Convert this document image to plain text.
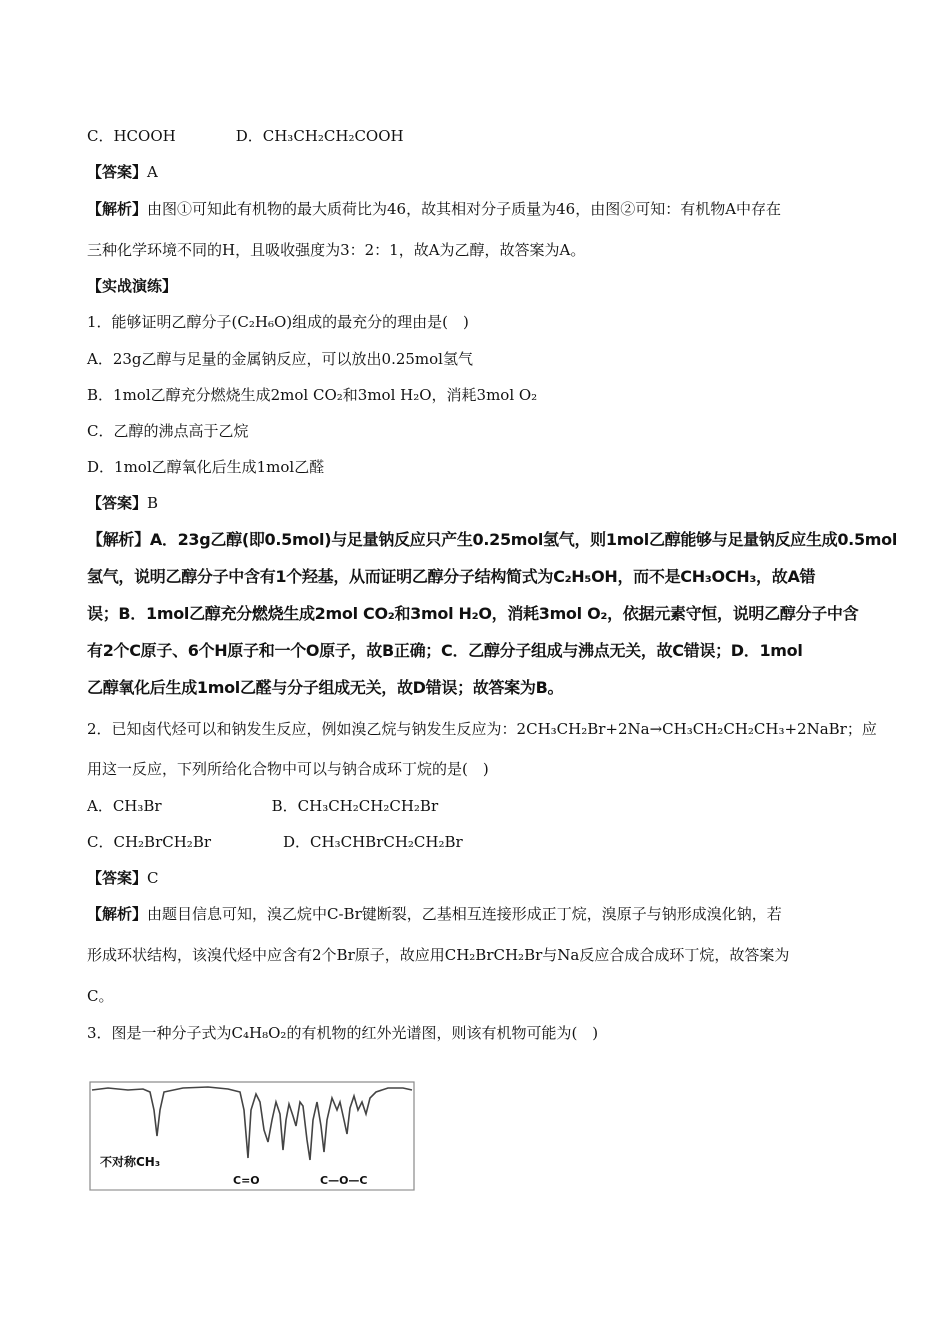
C．HCOOH	D．CH₃CH₂CH₂COOH
【答案】A
【解析】由图①可知此有机物的最大质荷比为46，故其相对分子质量为46，由图②可知：有机物A中存在
三种化学环境不同的H，且吸收强度为3：2：1，故A为乙醇，故答案为A。
【实战演练】
1．能够证明乙醇分子(C₂H₆O)组成的最充分的理由是(　)
A．23g乙醇与足量的金属钠反应，可以放出0.25mol氢气
B．1mol乙醇充分燃烧生成2mol CO₂和3mol H₂O，消耗3mol O₂
C．乙醇的沸点高于乙烷
D．1mol乙醇氧化后生成1mol乙醛
【答案】B
【解析】A．23g乙醇(即0.5mol)与足量钠反应只产生0.25mol氢气，则1mol乙醇能够与足量钠反应生成0.5mol
氢气，说明乙醇分子中含有1个羟基，从而证明乙醇分子结构简式为C₂H₅OH，而不是CH₃OCH₃，故A错
误；B．1mol乙醇充分燃烧生成2mol CO₂和3mol H₂O，消耗3mol O₂，依据元素守恒，说明乙醇分子中含
有2个C原子、6个H原子和一个O原子，故B正确；C．乙醇分子组成与沸点无关，故C错误；D．1mol
乙醇氧化后生成1mol乙醛与分子组成无关，故D错误；故答案为B。
2．已知卤代烃可以和钠发生反应，例如溴乙烷与钠发生反应为：2CH₃CH₂Br+2Na→CH₃CH₂CH₂CH₃+2NaBr；应
用这一反应，下列所给化合物中可以与钠合成环丁烷的是(　)
A．CH₃Br	B．CH₃CH₂CH₂CH₂Br
C．CH₂BrCH₂Br	D．CH₃CHBrCH₂CH₂Br
【答案】C
【解析】由题目信息可知，溴乙烷中C-Br键断裂，乙基相互连接形成正丁烷，溴原子与钠形成溴化钠，若
形成环状结构，该溴代烃中应含有2个Br原子，故应用CH₂BrCH₂Br与Na反应合成合成环丁烷，故答案为
C。
3．图是一种分子式为C₄H₈O₂的有机物的红外光谱图，则该有机物可能为(　)
不对称CH₃
C=O	C—O—C
